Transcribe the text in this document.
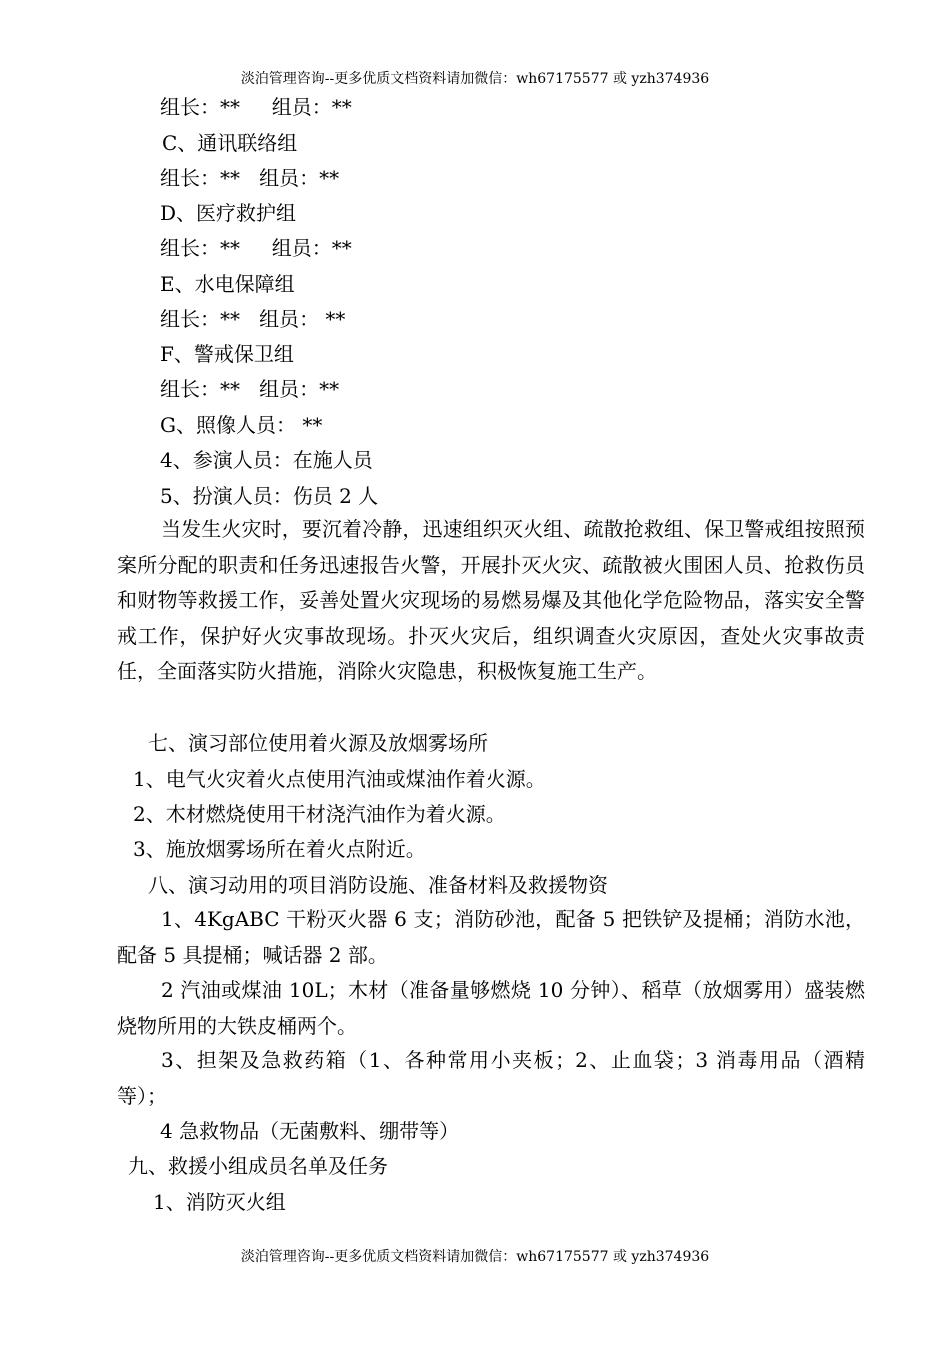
淡泊管理咨询--更多优质文档资料请加微信：wh67175577 或 yzh374936
组长：**     组员：**
C、通讯联络组
组长：**   组员：**
D、医疗救护组
组长：**     组员：**
E、水电保障组
组长：**   组员： **
F、警戒保卫组
组长：**   组员：**
G、照像人员： **
4、参演人员：在施人员
5、扮演人员：伤员 2 人
当发生火灾时，要沉着冷静，迅速组织灭火组、疏散抢救组、保卫警戒组按照预案所分配的职责和任务迅速报告火警，开展扑灭火灾、疏散被火围困人员、抢救伤员和财物等救援工作，妥善处置火灾现场的易燃易爆及其他化学危险物品，落实安全警戒工作，保护好火灾事故现场。扑灭火灾后，组织调查火灾原因，查处火灾事故责任，全面落实防火措施，消除火灾隐患，积极恢复施工生产。
七、演习部位使用着火源及放烟雾场所
1、电气火灾着火点使用汽油或煤油作着火源。
2、木材燃烧使用干材浇汽油作为着火源。
3、施放烟雾场所在着火点附近。
八、演习动用的项目消防设施、准备材料及救援物资
1、4KgABC 干粉灭火器 6 支；消防砂池，配备 5 把铁铲及提桶；消防水池，配备 5 具提桶；喊话器 2 部。
2 汽油或煤油 10L；木材（准备量够燃烧 10 分钟）、稻草（放烟雾用）盛装燃烧物所用的大铁皮桶两个。
3、担架及急救药箱（1、各种常用小夹板；2、止血袋；3 消毒用品（酒精等）；
4 急救物品（无菌敷料、绷带等）
九、救援小组成员名单及任务
1、消防灭火组
淡泊管理咨询--更多优质文档资料请加微信：wh67175577 或 yzh374936
